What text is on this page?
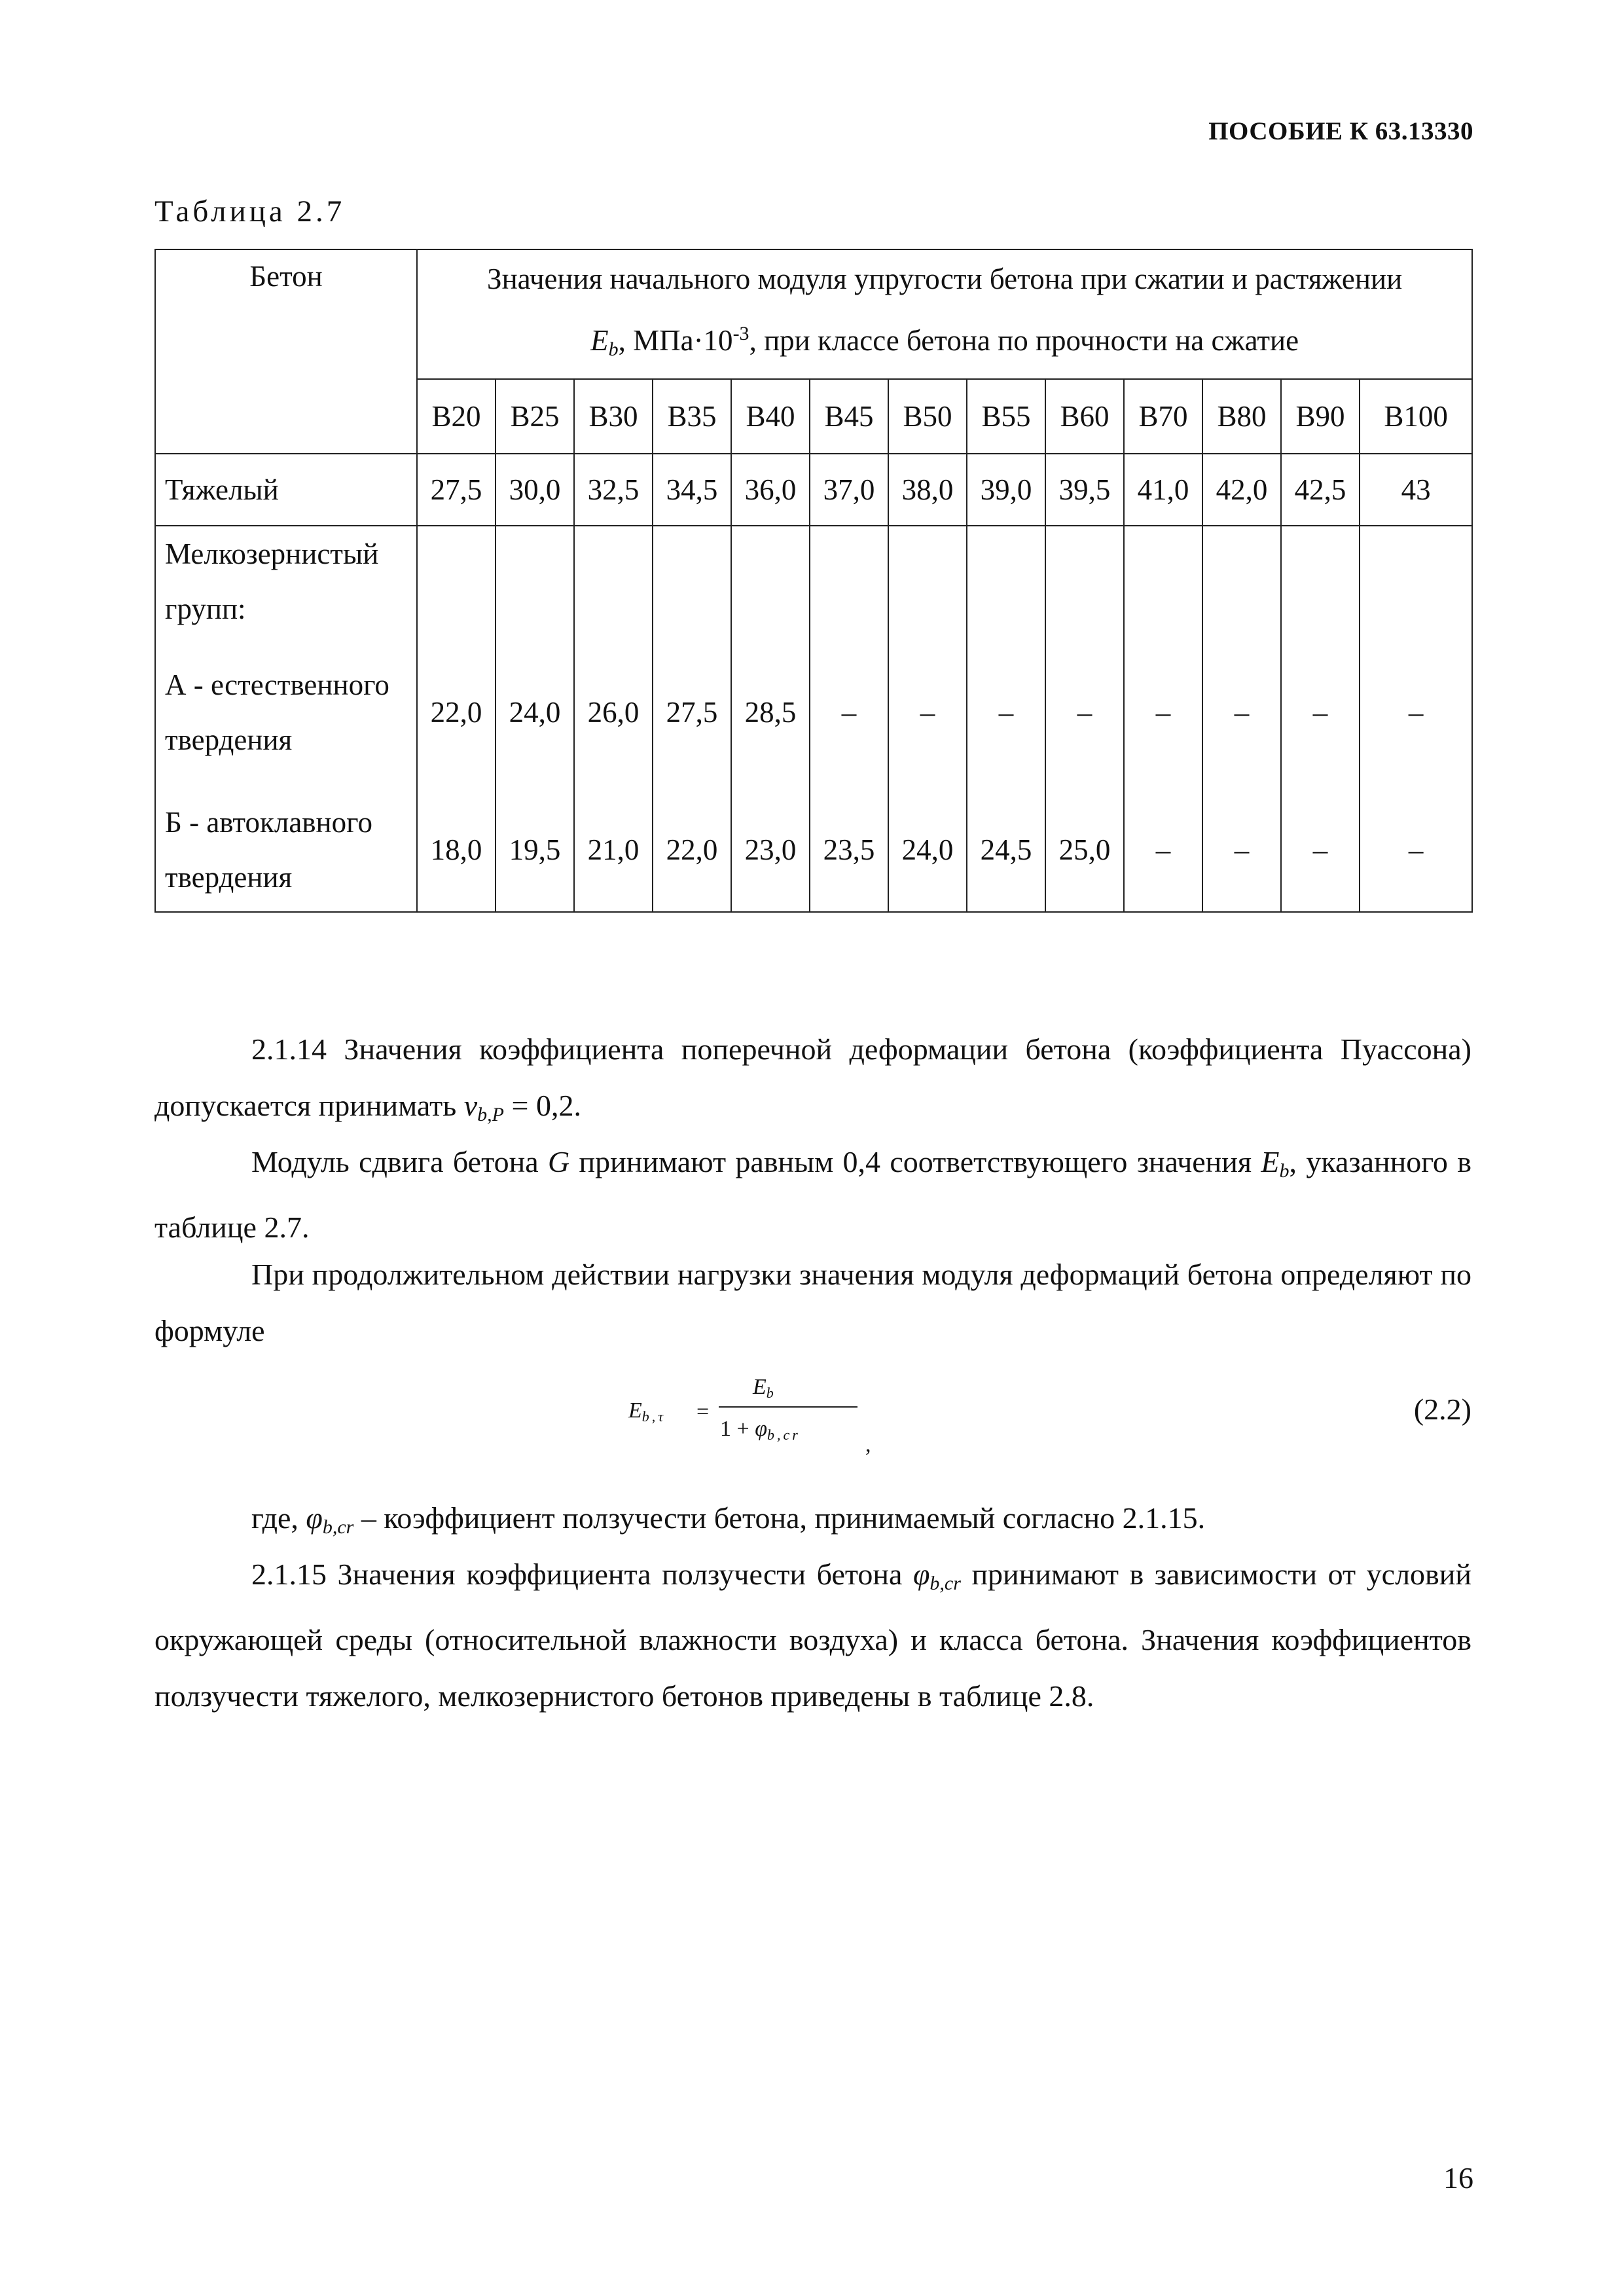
ПОСОБИЕ К 63.13330
Таблица 2.7
Бетон	Значения начального модуля упругости бетона при сжатии и растяжении
$E_b$, $МПа\cdot 10^{-3}$, при классе бетона по прочности на сжатие												
	B20	B25	B30	B35	B40	B45	B50	B55	B60	B70	B80	B90	B100
Тяжелый	27,5	30,0	32,5	34,5	36,0	37,0	38,0	39,0	39,5	41,0	42,0	42,5	43
Мелкозернистый групп:													
А - естественного твердения	22,0	24,0	26,0	27,5	28,5	–	–	–	–	–	–	–	–
Б - автоклавного твердения	18,0	19,5	21,0	22,0	23,0	23,5	24,0	24,5	25,0	–	–	–	–
2.1.14 Значения коэффициента поперечной деформации бетона (коэффициента Пуассона) допускается принимать $\nu_{b,P} = 0,2$.
Модуль сдвига бетона G принимают равным 0,4 соответствующего значения $E_b$, указанного в таблице 2.7.
При продолжительном действии нагрузки значения модуля деформаций бетона определяют по формуле
Eb,τ =
Eb
1 + φb,cr	,
(2.2)
где, $\varphi_{b,cr}$ – коэффициент ползучести бетона, принимаемый согласно 2.1.15.
2.1.15 Значения коэффициента ползучести бетона $\varphi_{b,cr}$ принимают в зависимости от условий окружающей среды (относительной влажности воздуха) и класса бетона. Значения коэффициентов ползучести тяжелого, мелкозернистого бетонов приведены в таблице 2.8.
16
